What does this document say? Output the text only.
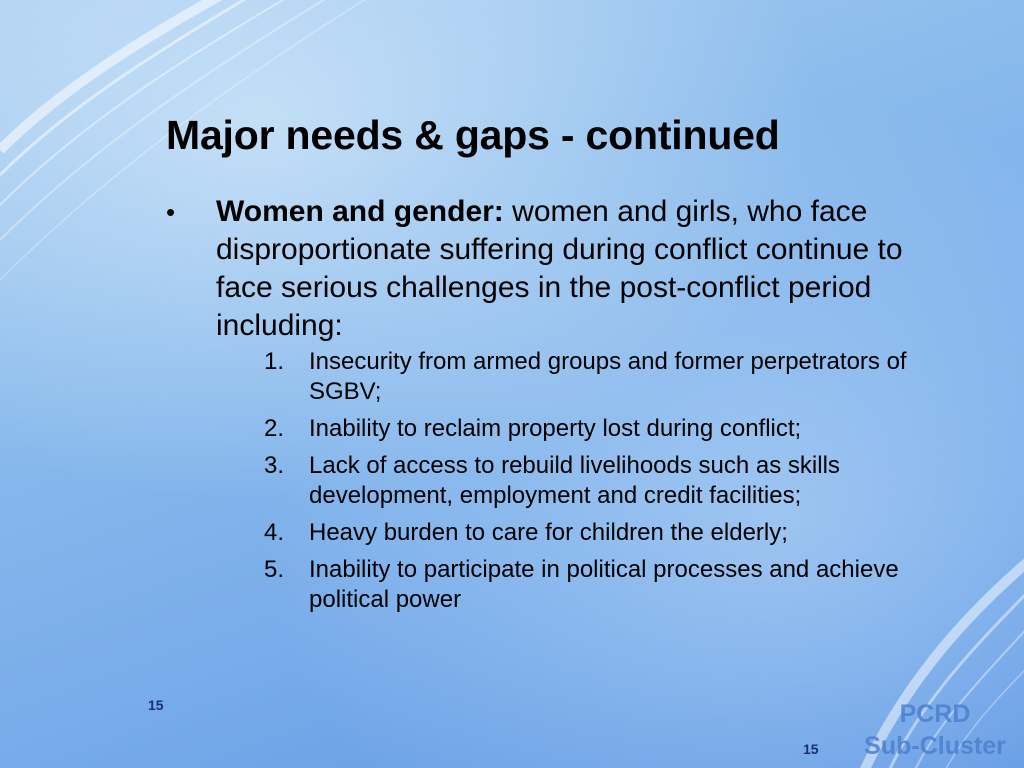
Major needs & gaps - continued
• Women and gender: women and girls, who face disproportionate suffering during conflict continue to face serious challenges in the post-conflict period including:
1. Insecurity from armed groups and former perpetrators of SGBV;
2. Inability to reclaim property lost during conflict;
3. Lack of access to rebuild livelihoods such as skills development, employment and credit facilities;
4. Heavy burden to care for children the elderly;
5. Inability to participate in political processes and achieve political power
15	PCRD
Sub-Cluster
15
